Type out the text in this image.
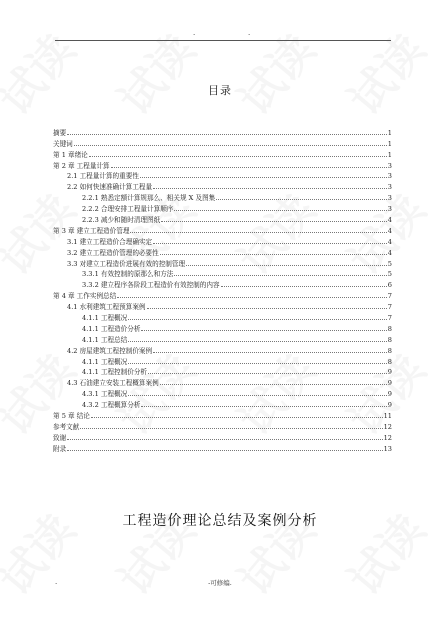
.	.
目录
摘要	1
关键词	1
第 1 章绪论	1
第 2 章 工程量计算	3
2.1 工程量计算的重要性	3
2.2 如何快速准确计算工程量	3
2.2.1 熟悉定额计算规那么、相关规 X 及图集	3
2.2.2 合理安排工程量计算顺序	3
2.2.3 减少和随时清理图纸	4
第 3 章 建立工程造价管理	4
3.1 建立工程造价合理确实定	4
3.2 建立工程造价管理的必要性	4
3.3 对建立工程造价进展有效的控制管理	5
3.3.1 有效控制的原那么和方法	5
3.3.2 建立程序各阶段工程造价有效控制的内容	6
第 4 章 工作实例总结	7
4.1 水利建筑工程预算案例	7
4.1.1 工程概况	7
4.1.1 工程造价分析	8
4.1.1 工程总结	8
4.2 房屋建筑工程控制价案例	8
4.1.1 工程概况	8
4.1.1 工程控制价分析	9
4.3 石油建立安装工程概算案例	9
4.3.1 工程概况	9
4.3.2 工程概算分析	9
第 5 章 结论	11
参考文献	12
致谢	12
附录	13
工程造价理论总结及案例分析
.	-可修编.
